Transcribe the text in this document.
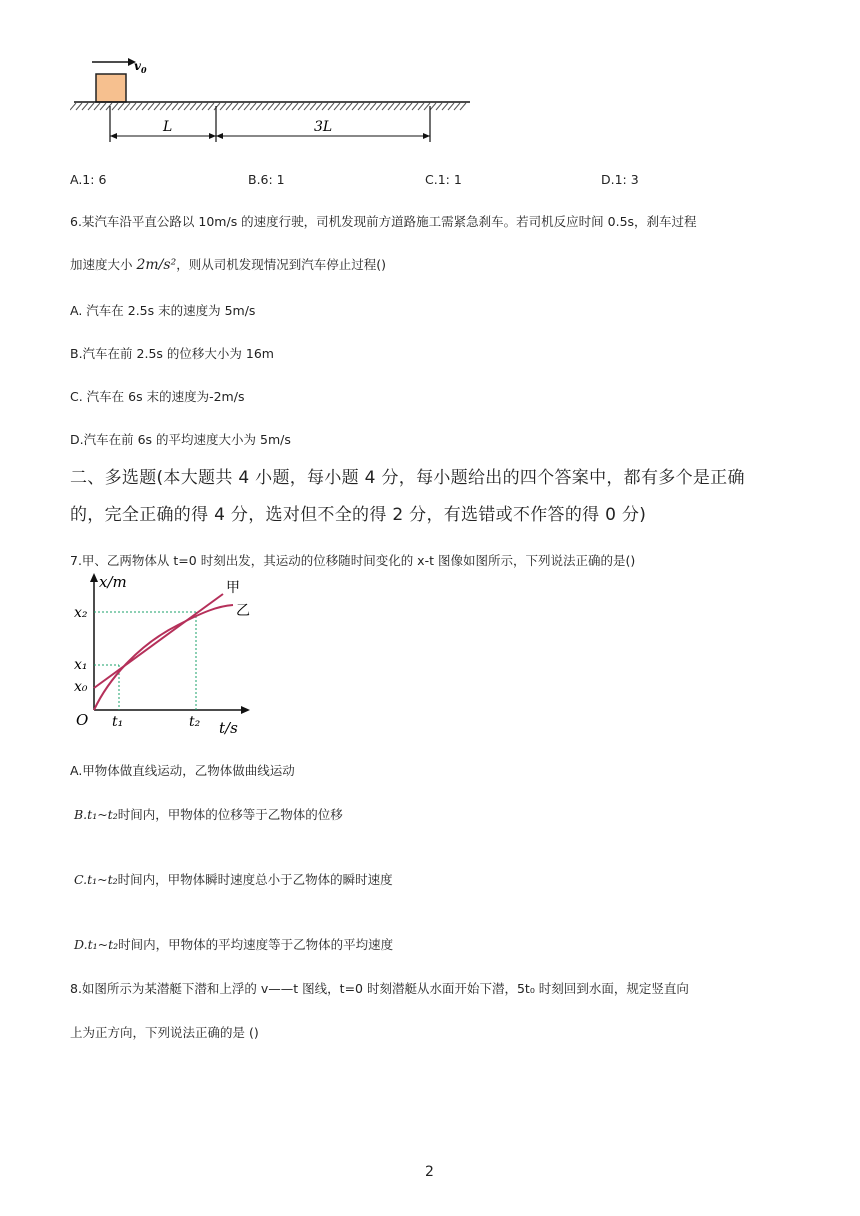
$v_0$
L	3L
A.1: 6	B.6: 1	C.1: 1	D.1: 3
6.某汽车沿平直公路以 10m/s 的速度行驶，司机发现前方道路施工需紧急刹车。若司机反应时间 0.5s，刹车过程
加速度大小 2m/s²，则从司机发现情况到汽车停止过程()
A. 汽车在 2.5s 末的速度为 5m/s
B.汽车在前 2.5s 的位移大小为 16m
C. 汽车在 6s 末的速度为-2m/s
D.汽车在前 6s 的平均速度大小为 5m/s
二、多选题(本大题共 4 小题，每小题 4 分，每小题给出的四个答案中，都有多个是正确
的，完全正确的得 4 分，选对但不全的得 2 分，有选错或不作答的得 0 分)
7.甲、乙两物体从 t=0 时刻出发，其运动的位移随时间变化的 x-t 图像如图所示，下列说法正确的是()
x/m
t/s
O
x₂
x₁
x₀
t₁	t₂
甲
乙
A.甲物体做直线运动，乙物体做曲线运动
B.t₁~t₂时间内，甲物体的位移等于乙物体的位移
C.t₁~t₂时间内，甲物体瞬时速度总小于乙物体的瞬时速度
D.t₁~t₂时间内，甲物体的平均速度等于乙物体的平均速度
8.如图所示为某潜艇下潜和上浮的 v——t 图线，t=0 时刻潜艇从水面开始下潜，5t₀ 时刻回到水面，规定竖直向
上为正方向，下列说法正确的是 ()
2
